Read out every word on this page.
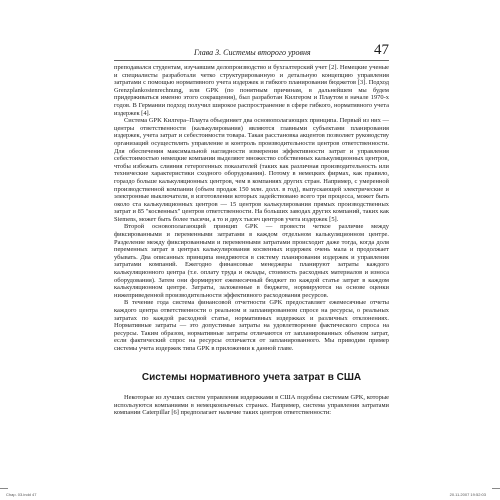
Глава 3. Системы второго уровня	47

преподавался студентам, изучавшим делопроизводство и бухгалтерский учет [2]. Немецкие ученые и специалисты разработали четко структурированную и детальную концепцию управления затратами с помощью нормативного учета издержек и гибкого планирования бюджетов [3]. Подход Grenzplankostenrechnung, или GPK (по понятным причинам, в дальнейшем мы будем придерживаться именно этого сокращения), был разработан Килгером и Плаутом в начале 1970-х годов. В Германии подход получил широкое распространение в сфере гибкого, нормативного учета издержек [4].

Система GPK Килгера–Плаута объединяет два основополагающих принципа. Первый из них — центры ответственности (калькулирования) являются главными субъектами планирования издержек, учета затрат и себестоимости товара. Такая расстановка акцентов позволяет руководству организаций осуществлять управление и контроль производительности центров ответственности. Для обеспечения максимальной наглядности измерения эффективности затрат и управления себестоимостью немецкие компании выделяют множество собственных калькуляционных центров, чтобы избежать слияния гетерогенных показателей (таких как различная производительность или технические характеристики сходного оборудования). Потому в немецких фирмах, как правило, гораздо больше калькуляционных центров, чем в компаниях других стран. Например, с умеренной производственной компании (объем продаж 150 млн. долл. в год), выпускающей электрические и электронные выключатели, в изготовлении которых задействовано всего три процесса, может быть около ста калькуляционных центров — 15 центров калькулирования прямых производственных затрат и 85 "косвенных" центров ответственности. На больших заводах других компаний, таких как Siemens, может быть более тысячи, а то и двух тысяч центров учета издержек [5].

Второй основополагающий принцип GPK — провести четкое различие между фиксированными и переменными затратами в каждом отдельном калькуляционном центре. Разделение между фиксированными и переменными затратами происходит даже тогда, когда доля переменных затрат в центрах калькулирования косвенных издержек очень мала и продолжает убывать. Два описанных принципа внедряются в систему планирования издержек и управления затратами компаний. Ежегодно финансовые менеджеры планируют затраты каждого калькуляционного центра (т.е. оплату труда и оклады, стоимость расходных материалов и износа оборудования). Затем они формируют ежемесячный бюджет по каждой статье затрат в каждом калькуляционном центре. Затраты, заложенные в бюджете, нормируются на основе оценки нижеприведенной производительности эффективного расходования ресурсов.

В течение года система финансовой отчетности GPK предоставляет ежемесячные отчеты каждого центра ответственности о реальном и запланированном спросе на ресурсы, о реальных затратах по каждой расходной статье, нормативных издержках и различных отклонениях. Нормативные затраты — это допустимые затраты на удовлетворение фактического спроса на ресурсы. Таким образом, нормативные затраты отличаются от запланированных объемом затрат, если фактический спрос на ресурсы отличается от запланированного. Мы приводим пример системы учета издержек типа GPK в приложении к данной главе.

Системы нормативного учета затрат в США

Некоторые из лучших систем управления издержками в США подобны системам GPK, которые используются компаниями в немецкоязычных странах. Например, система управления затратами компании Caterpillar [6] предполагает наличие таких центров ответственности:

Chap. 03.indd 47	20.11.2007 19:52:03
